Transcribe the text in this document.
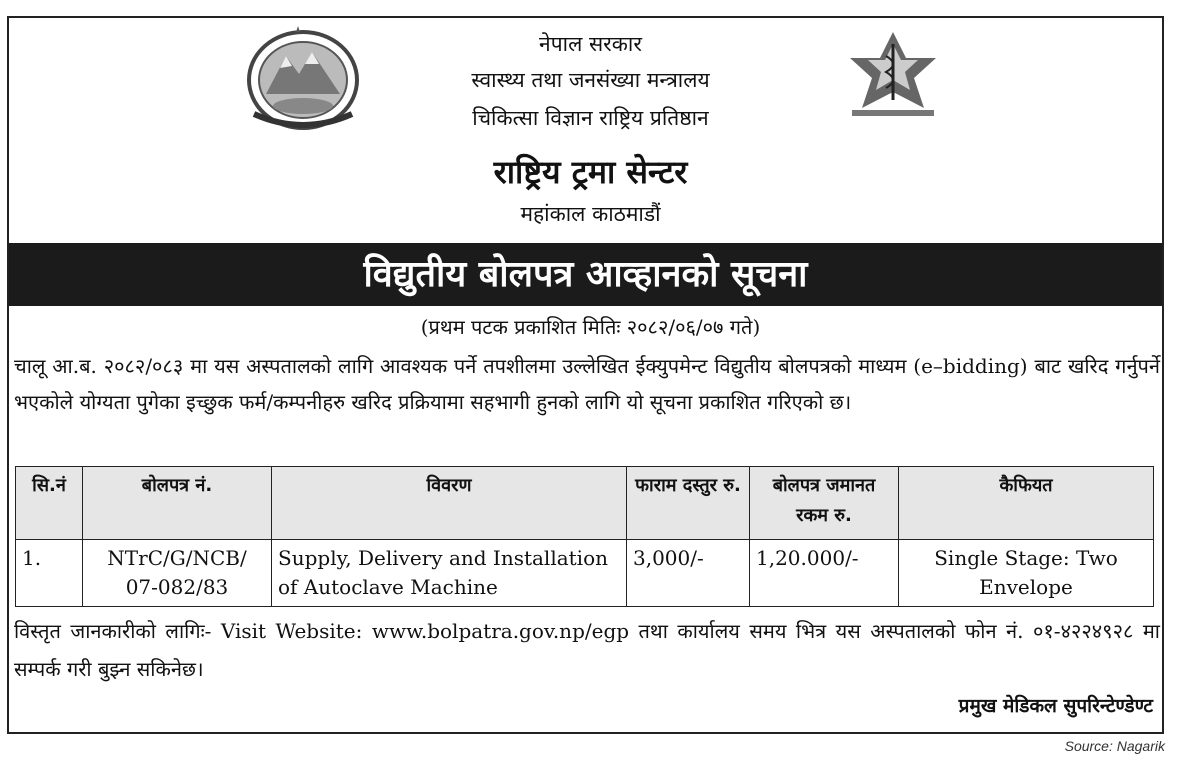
नेपाल सरकार
स्वास्थ्य तथा जनसंख्या मन्त्रालय
चिकित्सा विज्ञान राष्ट्रिय प्रतिष्ठान
राष्ट्रिय ट्रमा सेन्टर
महांकाल काठमाडौं
विद्युतीय बोलपत्र आव्हानको सूचना
(प्रथम पटक प्रकाशित मितिः २०८२/०६/०७ गते)
चालू आ.ब. २०८२/०८३ मा यस अस्पतालको लागि आवश्यक पर्ने तपशीलमा उल्लेखित ईक्युपमेन्ट विद्युतीय बोलपत्रको माध्यम (e–bidding) बाट खरिद गर्नुपर्ने भएकोले योग्यता पुगेका इच्छुक फर्म/कम्पनीहरु खरिद प्रक्रियामा सहभागी हुनको लागि यो सूचना प्रकाशित गरिएको छ।
सि.नं	बोलपत्र नं.	विवरण	फाराम दस्तुर रु.	बोलपत्र जमानत रकम रु.	कैफियत
1.	NTrC/G/NCB/ 07-082/83	Supply, Delivery and Installation of Autoclave Machine	3,000/-	1,20.000/-	Single Stage: Two Envelope
विस्तृत जानकारीको लागिः- Visit Website: www.bolpatra.gov.np/egp तथा कार्यालय समय भित्र यस अस्पतालको फोन नं. ०१-४२२४९२८ मा सम्पर्क गरी बुझ्न सकिनेछ।
प्रमुख मेडिकल सुपरिन्टेण्डेण्ट
Source: Nagarik
